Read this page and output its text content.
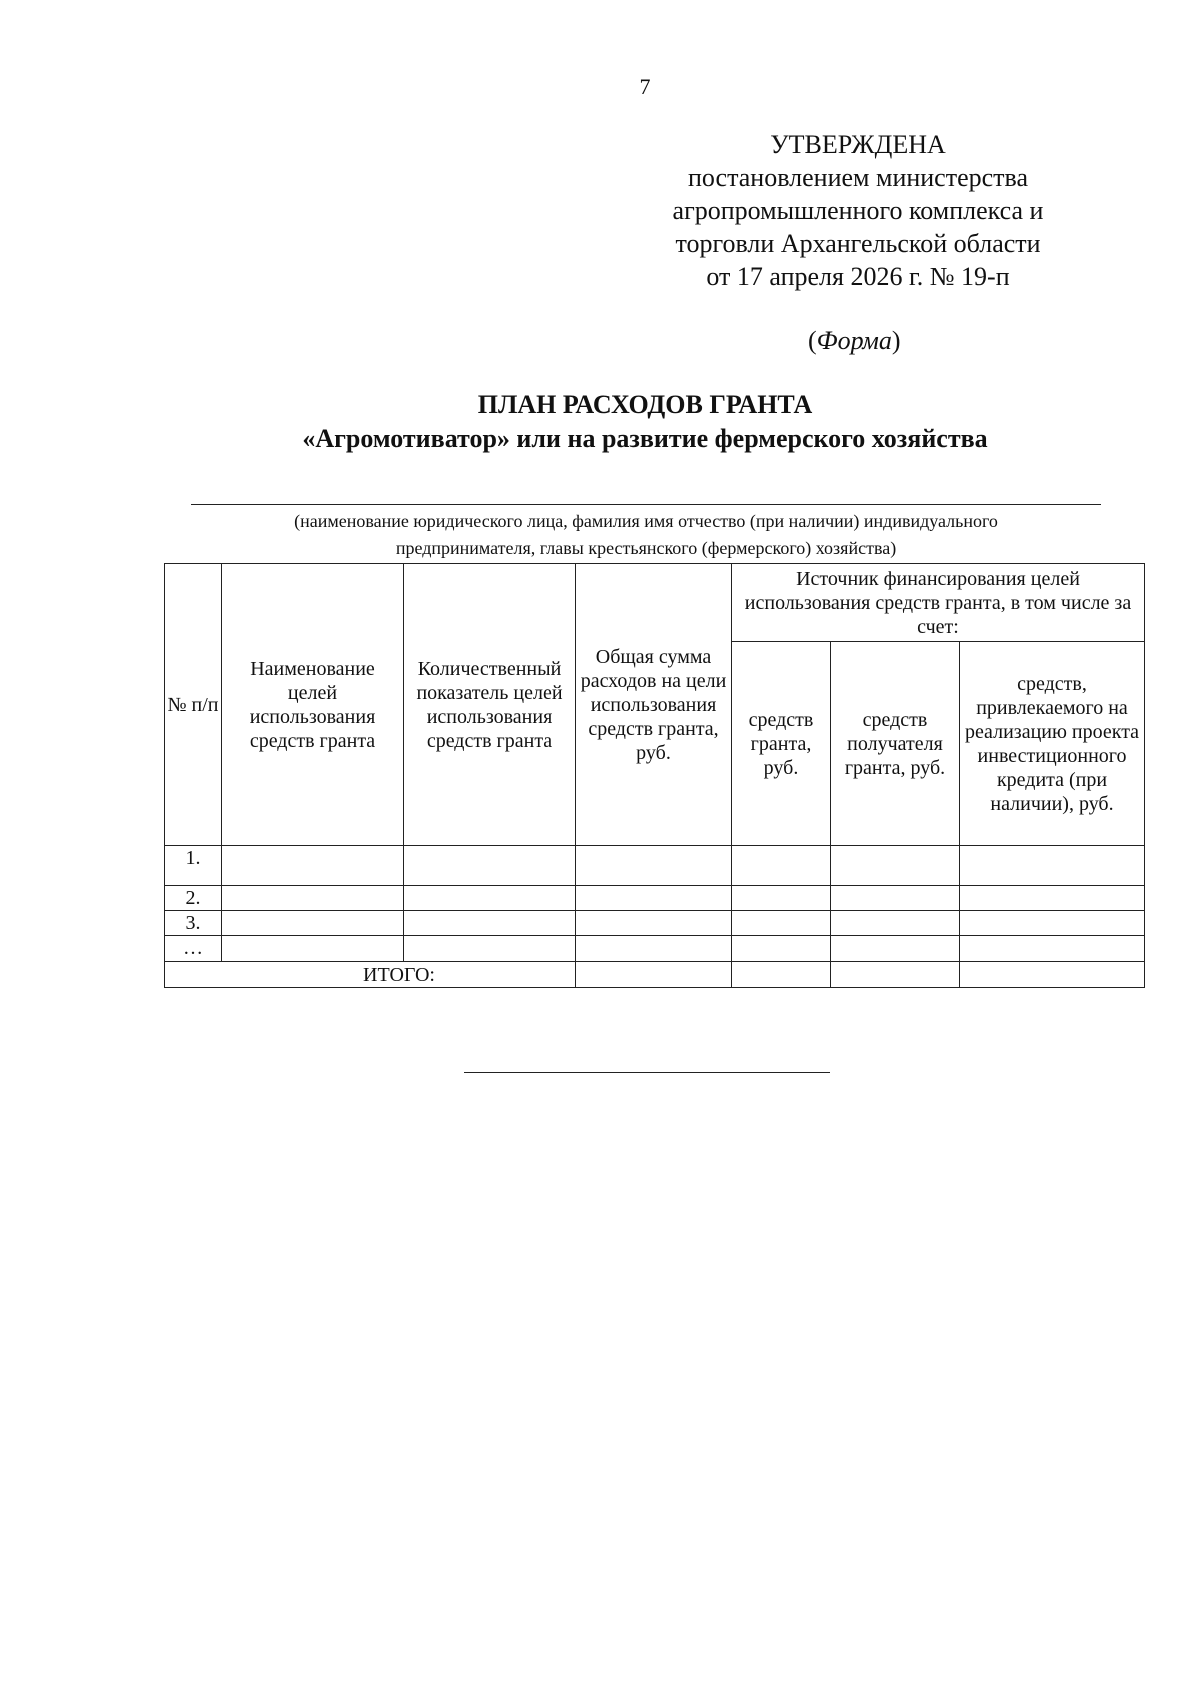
7
УТВЕРЖДЕНА
постановлением министерства
агропромышленного комплекса и
торговли Архангельской области
от 17 апреля 2026 г. № 19-п
(Форма)
ПЛАН РАСХОДОВ ГРАНТА
«Агромотиватор» или на развитие фермерского хозяйства
(наименование юридического лица, фамилия имя отчество (при наличии) индивидуального
предпринимателя, главы крестьянского (фермерского) хозяйства)
№ п/п	Наименование целей использования средств гранта	Количественный показатель целей использования средств гранта	Общая сумма расходов на цели использования средств гранта, руб.	Источник финансирования целей использования средств гранта, в том числе за счет:		
				средств гранта, руб.	средств получателя гранта, руб.	средств, привлекаемого на реализацию проекта инвестиционного кредита (при наличии), руб.
1.						
2.						
3.						
…						
ИТОГО:						
